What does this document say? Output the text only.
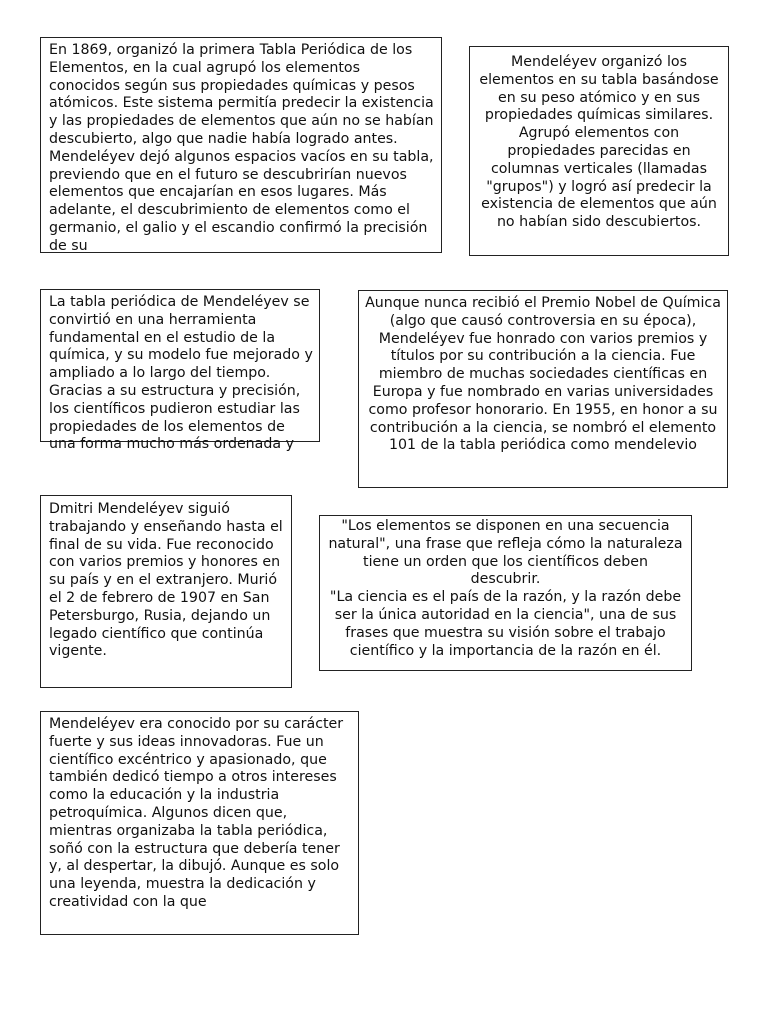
En 1869, organizó la primera Tabla Periódica de los Elementos, en la cual agrupó los elementos conocidos según sus propiedades químicas y pesos atómicos. Este sistema permitía predecir la existencia y las propiedades de elementos que aún no se habían descubierto, algo que nadie había logrado antes.  Mendeléyev dejó algunos espacios vacíos en su tabla, previendo que en el futuro se descubrirían nuevos elementos que encajarían en esos lugares. Más adelante, el descubrimiento de elementos como el germanio, el galio y el escandio confirmó la precisión de su

Mendeléyev organizó los elementos en su tabla basándose en su peso atómico y en sus propiedades químicas similares. Agrupó elementos con propiedades parecidas en columnas verticales (llamadas "grupos") y logró así predecir la existencia de elementos que aún no habían sido descubiertos.

La tabla periódica de Mendeléyev se convirtió en una herramienta fundamental en el estudio de la química, y su modelo fue mejorado y ampliado a lo largo del tiempo. Gracias a su estructura y precisión, los científicos pudieron estudiar las propiedades de los elementos de una forma mucho más ordenada y

Aunque nunca recibió el Premio Nobel de Química (algo que causó controversia en su época), Mendeléyev fue honrado con varios premios y títulos por su contribución a la ciencia. Fue miembro de muchas sociedades científicas en Europa y fue nombrado en varias universidades como profesor honorario. En 1955, en honor a su contribución a la ciencia, se nombró el elemento 101 de la tabla periódica como mendelevio

Dmitri Mendeléyev siguió trabajando y enseñando hasta el final de su vida. Fue reconocido con varios premios y honores en su país y en el extranjero. Murió el 2 de febrero de 1907 en San Petersburgo, Rusia, dejando un legado científico que continúa vigente.

"Los elementos se disponen en una secuencia natural", una frase que refleja cómo la naturaleza tiene un orden que los científicos deben descubrir.
"La ciencia es el país de la razón, y la razón debe ser la única autoridad en la ciencia", una de sus frases que muestra su visión sobre el trabajo científico y la importancia de la razón en él.

Mendeléyev era conocido por su carácter fuerte y sus ideas innovadoras. Fue un científico excéntrico y apasionado, que también dedicó tiempo a otros intereses como la educación y la industria petroquímica. Algunos dicen que, mientras organizaba la tabla periódica, soñó con la estructura que debería tener y, al despertar, la dibujó. Aunque es solo una leyenda, muestra la dedicación y creatividad con la que
